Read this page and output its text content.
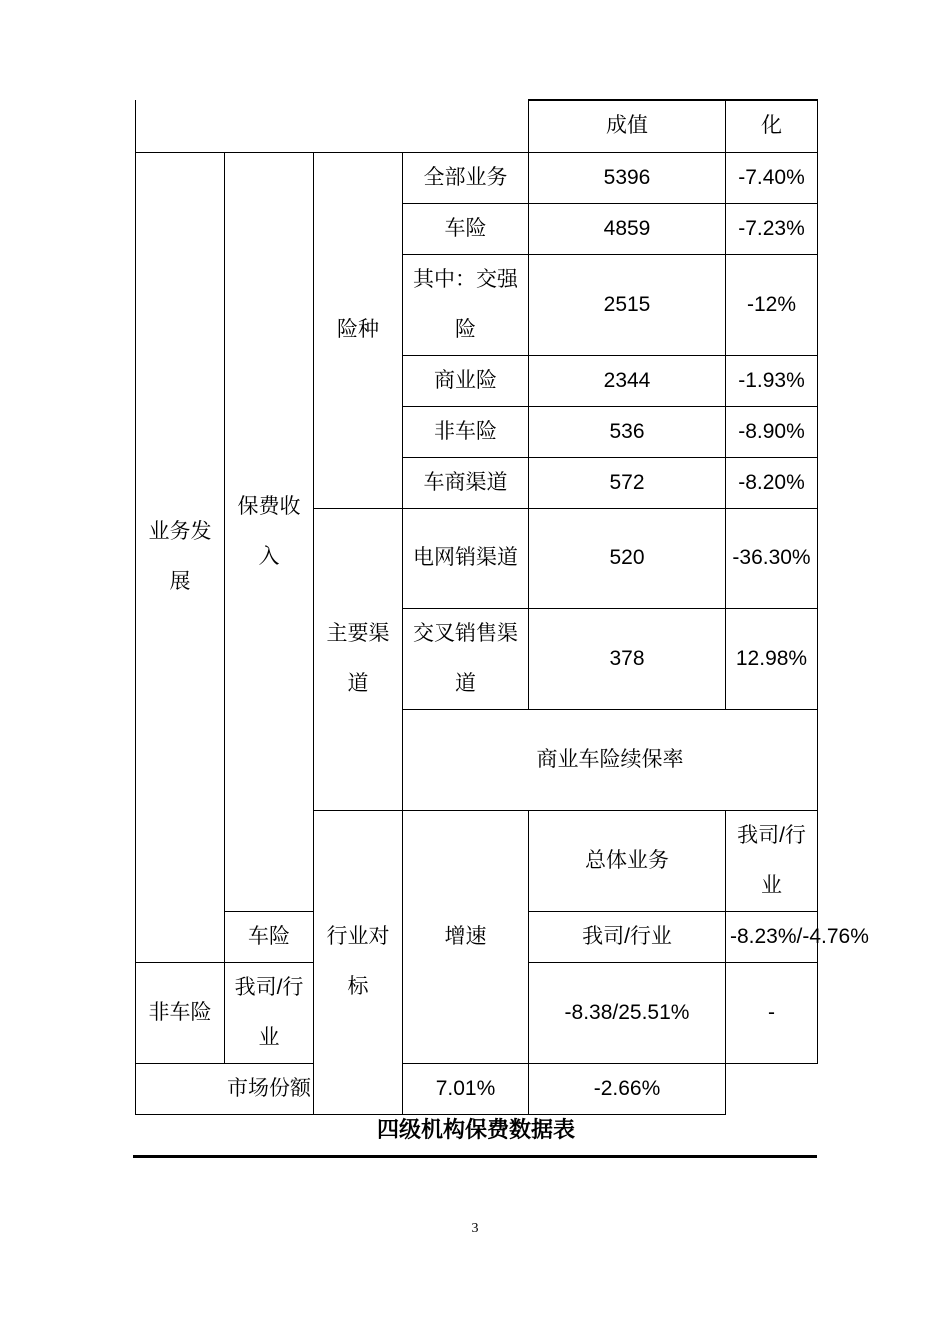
				成值	化	
业务发展	保费收入	险种	全部业务	5396	-7.40%	
			车险	4859	-7.23%	
			其中：交强险	2515	-12%	
			商业险	2344	-1.93%	
			非车险	536	-8.90%	
			车商渠道	572	-8.20%	
		主要渠道	电网销渠道	520	-36.30%	
			交叉销售渠道	378	12.98%	
			商业车险续保率		
		行业对标	增速	总体业务	我司/行业		
	车险			我司/行业	-8.23%/-4.76%	
非车险	我司/行业			-8.38/25.51%	-	
市场份额			7.01%	-2.66%		
四级机构保费数据表
3
